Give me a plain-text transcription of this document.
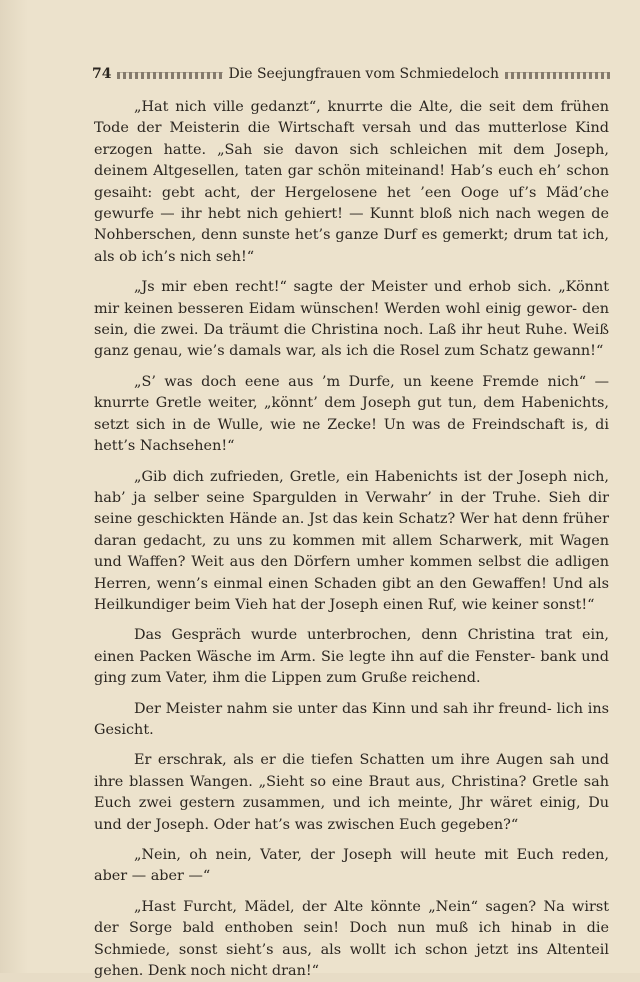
74	Die Seejungfrauen vom Schmiedeloch

„Hat nich ville gedanzt“, knurrte die Alte, die seit dem frühen Tode der Meisterin die Wirtschaft versah und das mutterlose Kind erzogen hatte. „Sah sie davon sich schleichen mit dem Joseph, deinem Altgesellen, taten gar schön miteinand! Hab’s euch eh’ schon gesaiht: gebt acht, der Hergelosene het ’een Ooge uf’s Mäd’che gewurfe — ihr hebt nich gehiert! — Kunnt bloß nich nach wegen de Nohberschen, denn sunste het’s ganze Durf es gemerkt; drum tat ich, als ob ich’s nich seh!“

„Js mir eben recht!“ sagte der Meister und erhob sich. „Könnt mir keinen besseren Eidam wünschen! Werden wohl einig gewor- den sein, die zwei. Da träumt die Christina noch. Laß ihr heut Ruhe. Weiß ganz genau, wie’s damals war, als ich die Rosel zum Schatz gewann!“

„S’ was doch eene aus ’m Durfe, un keene Fremde nich“ — knurrte Gretle weiter, „könnt’ dem Joseph gut tun, dem Habenichts, setzt sich in de Wulle, wie ne Zecke! Un was de Freindschaft is, di hett’s Nachsehen!“

„Gib dich zufrieden, Gretle, ein Habenichts ist der Joseph nich, hab’ ja selber seine Spargulden in Verwahr’ in der Truhe. Sieh dir seine geschickten Hände an. Jst das kein Schatz? Wer hat denn früher daran gedacht, zu uns zu kommen mit allem Scharwerk, mit Wagen und Waffen? Weit aus den Dörfern umher kommen selbst die adligen Herren, wenn’s einmal einen Schaden gibt an den Gewaffen! Und als Heilkundiger beim Vieh hat der Joseph einen Ruf, wie keiner sonst!“

Das Gespräch wurde unterbrochen, denn Christina trat ein, einen Packen Wäsche im Arm. Sie legte ihn auf die Fenster- bank und ging zum Vater, ihm die Lippen zum Gruße reichend.

Der Meister nahm sie unter das Kinn und sah ihr freund- lich ins Gesicht.

Er erschrak, als er die tiefen Schatten um ihre Augen sah und ihre blassen Wangen. „Sieht so eine Braut aus, Christina? Gretle sah Euch zwei gestern zusammen, und ich meinte, Jhr wäret einig, Du und der Joseph. Oder hat’s was zwischen Euch gegeben?“

„Nein, oh nein, Vater, der Joseph will heute mit Euch reden, aber — aber —“

„Hast Furcht, Mädel, der Alte könnte „Nein“ sagen? Na wirst der Sorge bald enthoben sein! Doch nun muß ich hinab in die Schmiede, sonst sieht’s aus, als wollt ich schon jetzt ins Altenteil gehen. Denk noch nicht dran!“
